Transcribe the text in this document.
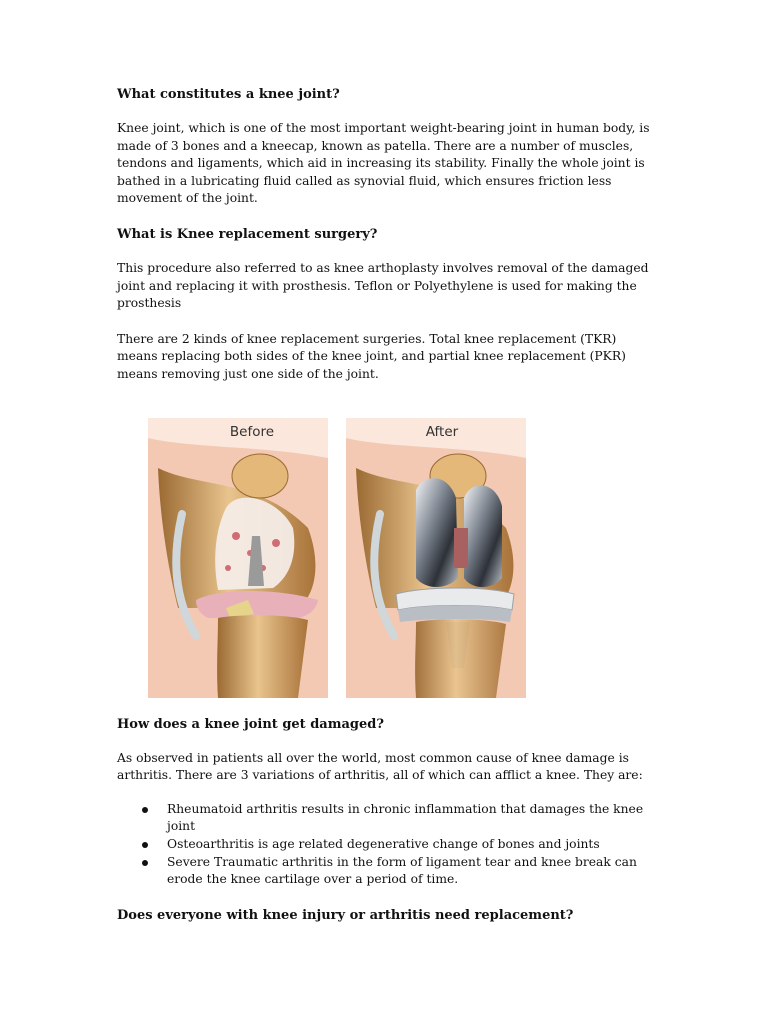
What constitutes a knee joint?

Knee joint, which is one of the most important weight-bearing joint in human body, is made of 3 bones and a kneecap, known as patella. There are a number of muscles, tendons and ligaments, which aid in increasing its stability. Finally the whole joint is bathed in a lubricating fluid called as synovial fluid, which ensures friction less movement of the joint.

What is Knee replacement surgery?

This procedure also referred to as knee arthoplasty involves removal of the damaged joint and replacing it with prosthesis. Teflon or Polyethylene is used for making the prosthesis

There are 2 kinds of knee replacement surgeries. Total knee replacement (TKR) means replacing both sides of the knee joint, and partial knee replacement (PKR) means removing just one side of the joint.

Before	After
How does a knee joint get damaged?

As observed in patients all over the world, most common cause of knee damage is arthritis. There are 3 variations of arthritis, all of which can afflict a knee. They are:

Rheumatoid arthritis results in chronic inflammation that damages the knee joint
Osteoarthritis is age related degenerative change of bones and joints
Severe Traumatic arthritis in the form of ligament tear and knee break can erode the knee cartilage over a period of time.
Does everyone with knee injury or arthritis need replacement?
